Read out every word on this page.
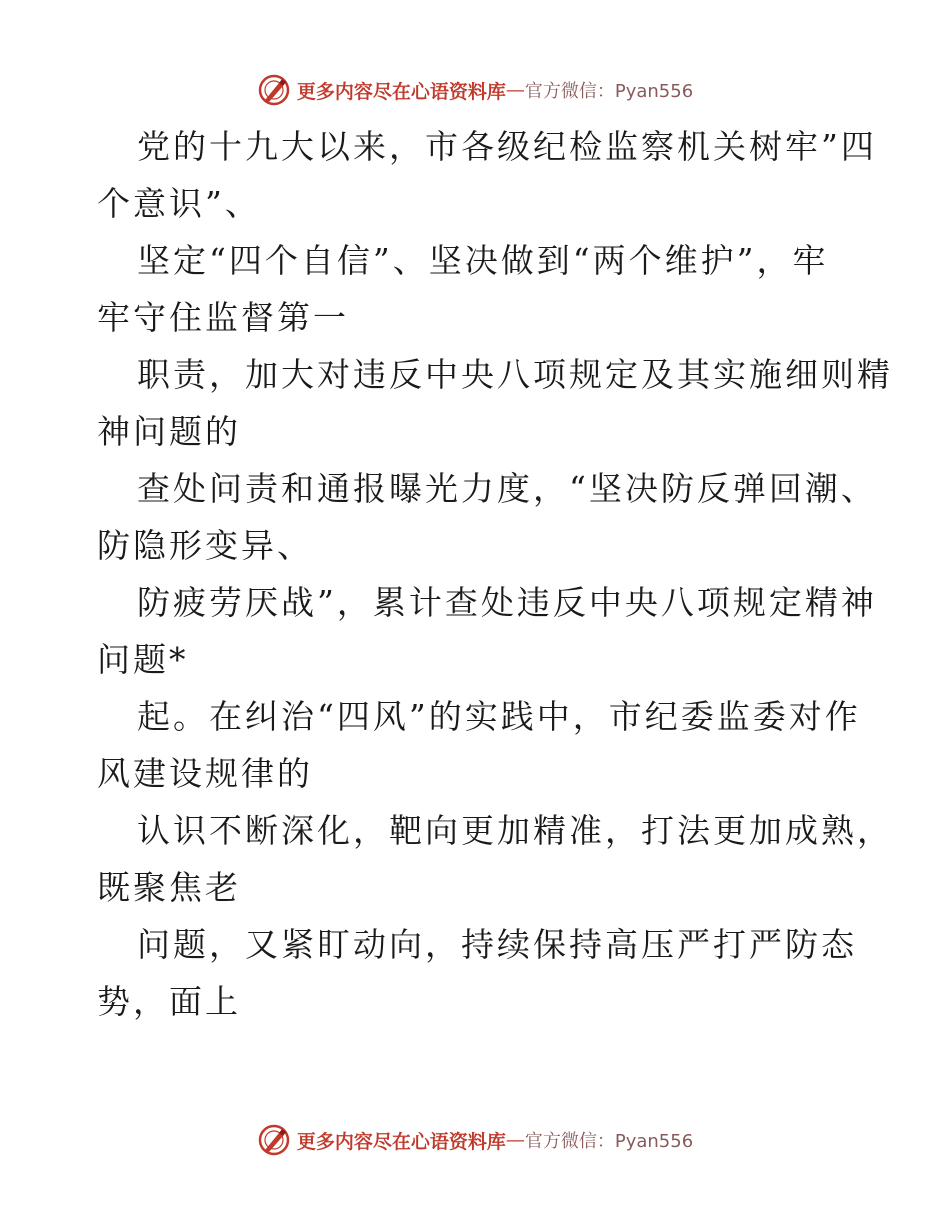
更多内容尽在心语资料库 — 官方微信：Pyan556

党的十九大以来，市各级纪检监察机关树牢”四

个意识”、

坚定“四个自信”、坚决做到“两个维护”，牢

牢守住监督第一

职责，加大对违反中央八项规定及其实施细则精

神问题的

查处问责和通报曝光力度，“坚决防反弹回潮、

防隐形变异、

防疲劳厌战”，累计查处违反中央八项规定精神

问题*

起。在纠治“四风”的实践中，市纪委监委对作

风建设规律的

认识不断深化，靶向更加精准，打法更加成熟，

既聚焦老

问题，又紧盯动向，持续保持高压严打严防态

势，面上

更多内容尽在心语资料库 — 官方微信：Pyan556
